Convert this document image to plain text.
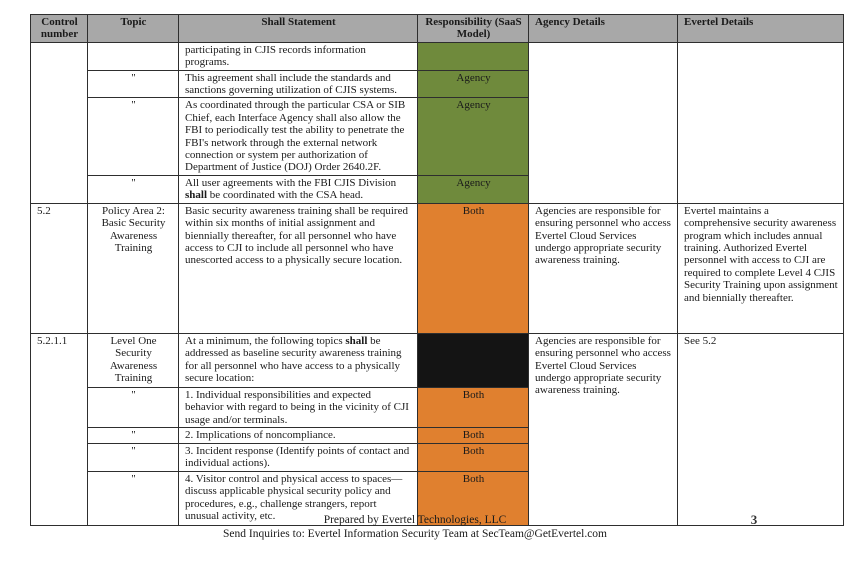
Control number	Topic	Shall Statement	Responsibility (SaaS Model)	Agency Details	Evertel Details
		participating in CJIS records information programs.			
	"	This agreement shall include the standards and sanctions governing utilization of CJIS systems.	Agency		
	"	As coordinated through the particular CSA or SIB Chief, each Interface Agency shall also allow the FBI to periodically test the ability to penetrate the FBI's network through the external network connection or system per authorization of Department of Justice (DOJ) Order 2640.2F.	Agency		
	"	All user agreements with the FBI CJIS Division shall be coordinated with the CSA head.	Agency		
5.2	Policy Area 2: Basic Security Awareness Training	Basic security awareness training shall be required within six months of initial assignment and biennially thereafter, for all personnel who have access to CJI to include all personnel who have unescorted access to a physically secure location.	Both	Agencies are responsible for ensuring personnel who access Evertel Cloud Services undergo appropriate security awareness training.	Evertel maintains a comprehensive security awareness program which includes annual training. Authorized Evertel personnel with access to CJI are required to complete Level 4 CJIS Security Training upon assignment and biennially thereafter.
5.2.1.1	Level One Security Awareness Training	At a minimum, the following topics shall be addressed as baseline security awareness training for all personnel who have access to a physically secure location:		Agencies are responsible for ensuring personnel who access Evertel Cloud Services undergo appropriate security awareness training.	See 5.2
	"	1. Individual responsibilities and expected behavior with regard to being in the vicinity of CJI usage and/or terminals.	Both		
	"	2. Implications of noncompliance.	Both		
	"	3. Incident response (Identify points of contact and individual actions).	Both		
	"	4. Visitor control and physical access to spaces—discuss applicable physical security policy and procedures, e.g., challenge strangers, report unusual activity, etc.	Both		
Prepared by Evertel Technologies, LLC
Send Inquiries to: Evertel Information Security Team at SecTeam@GetEvertel.com
3
